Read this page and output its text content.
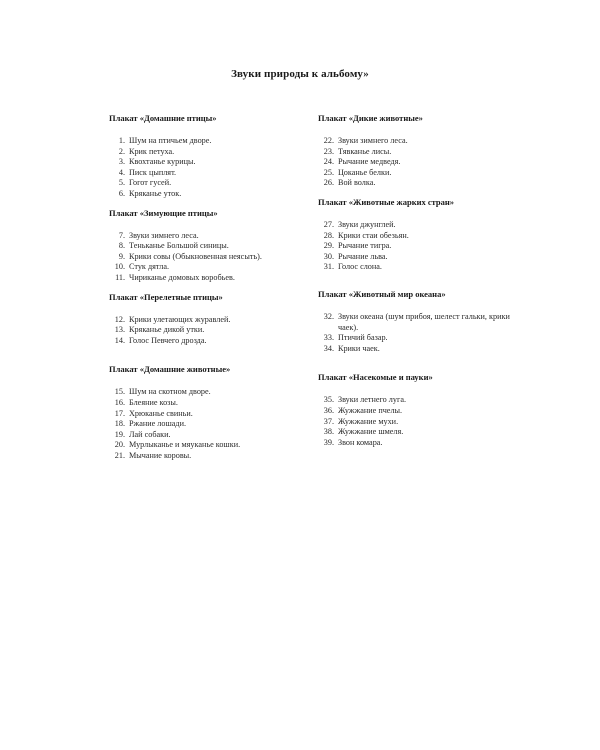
Звуки природы к альбому»

Плакат «Домашние птицы»

1. Шум на птичьем дворе.
2. Крик петуха.
3. Квохтанье курицы.
4. Писк цыплят.
5. Гогот гусей.
6. Кряканье уток.

Плакат «Зимующие птицы»

7. Звуки зимнего леса.
8. Теньканье Большой синицы.
9. Крики совы (Обыкновенная неясыть).
10. Стук дятла.
11. Чириканье домовых воробьев.

Плакат «Перелетные птицы»

12. Крики улетающих журавлей.
13. Кряканье дикой утки.
14. Голос Певчего дрозда.

Плакат «Домашние животные»

15. Шум на скотном дворе.
16. Блеяние козы.
17. Хрюканье свиньи.
18. Ржание лошади.
19. Лай собаки.
20. Мурлыканье и мяуканье кошки.
21. Мычание коровы.

Плакат «Дикие животные»

22. Звуки зимнего леса.
23. Тявканье лисы.
24. Рычание медведя.
25. Цоканье белки.
26. Вой волка.

Плакат «Животные жарких стран»

27. Звуки джунглей.
28. Крики стаи обезьян.
29. Рычание тигра.
30. Рычание льва.
31. Голос слона.

Плакат «Животный мир океана»

32. Звуки океана (шум прибоя, шелест гальки, крики чаек).
33. Птичий базар.
34. Крики чаек.

Плакат «Насекомые и пауки»

35. Звуки летнего луга.
36. Жужжание пчелы.
37. Жужжание мухи.
38. Жужжание шмеля.
39. Звон комара.
